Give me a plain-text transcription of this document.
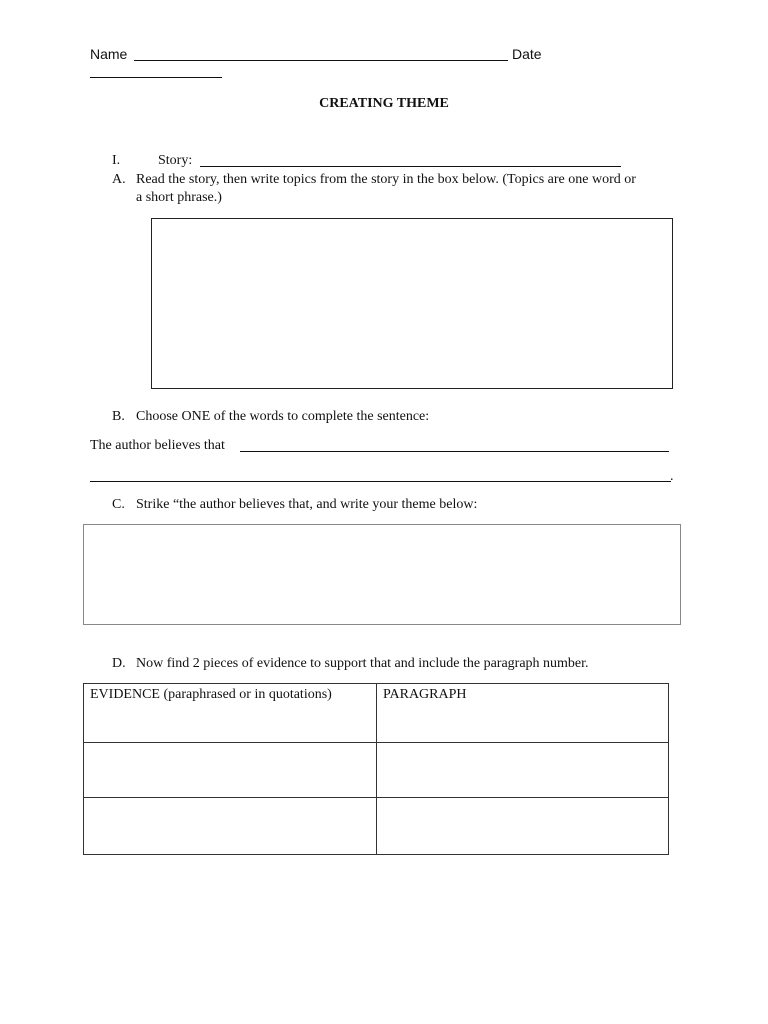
Name	Date
CREATING THEME
I.	Story:
A. Read the story, then write topics from the story in the box below. (Topics are one word or
a short phrase.)
B. Choose ONE of the words to complete the sentence:
The author believes that
.
C. Strike “the author believes that, and write your theme below:
D. Now find 2 pieces of evidence to support that and include the paragraph number.
EVIDENCE (paraphrased or in quotations)	PARAGRAPH
